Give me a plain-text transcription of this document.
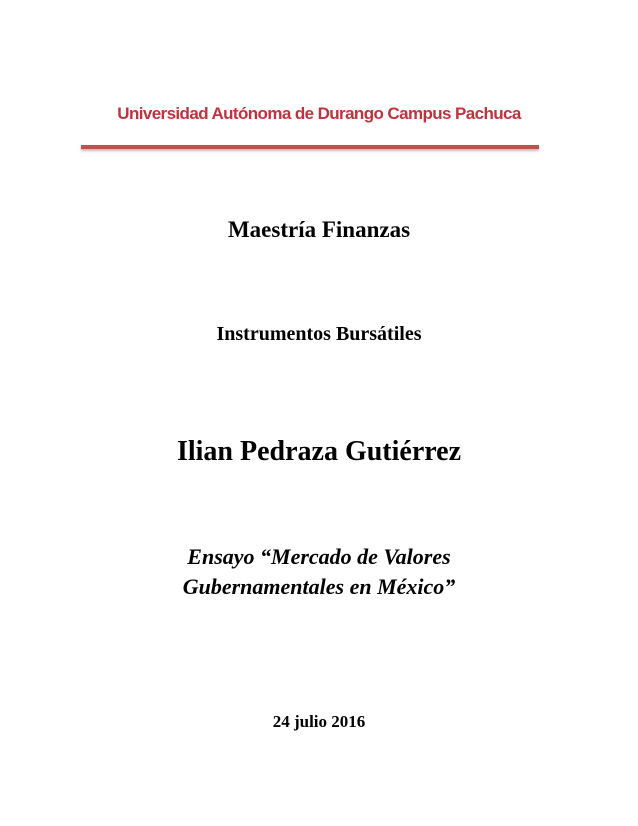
Universidad Autónoma de Durango Campus Pachuca
Maestría Finanzas
Instrumentos Bursátiles
Ilian Pedraza Gutiérrez
Ensayo “Mercado de Valores
Gubernamentales en México”
24 julio 2016
